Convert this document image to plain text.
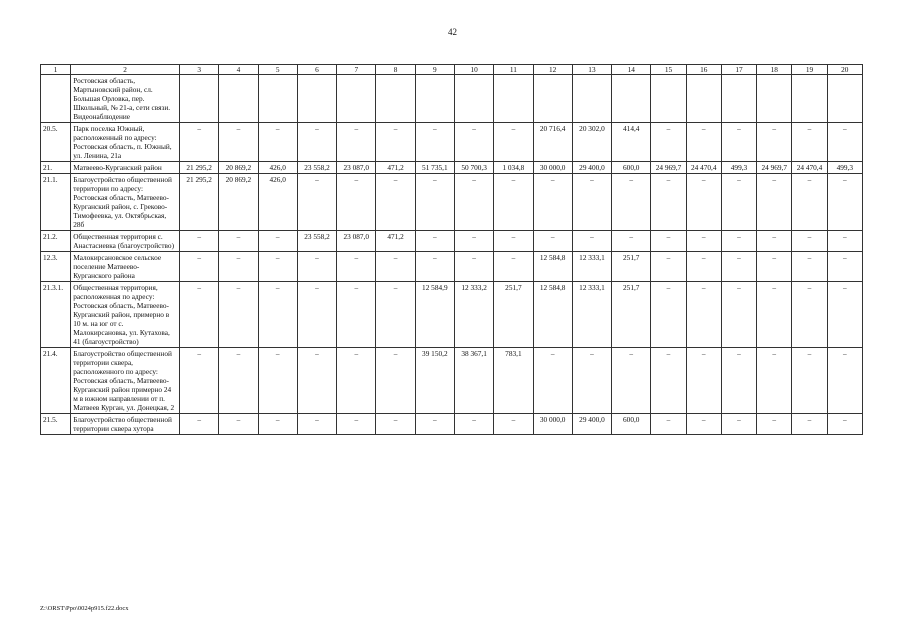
42
1	2	3	4	5	6	7	8	9	10	11	12	13	14	15	16	17	18	19	20
	Ростовская область, Мартыновский район, сл. Большая Орловка, пер. Школьный, № 21-а, сети связи. Видеонаблюдение																		
20.5.	Парк поселка Южный, расположенный по адресу: Ростовская область, п. Южный, ул. Ленина, 21а	–	–	–	–	–	–	–	–	–	20 716,4	20 302,0	414,4	–	–	–	–	–	–
21.	Матвеево-Курганский район	21 295,2	20 869,2	426,0	23 558,2	23 087,0	471,2	51 735,1	50 700,3	1 034,8	30 000,0	29 400,0	600,0	24 969,7	24 470,4	499,3	24 969,7	24 470,4	499,3
21.1.	Благоустройство общественной территории по адресу: Ростовская область, Матвеево-Курганский район, с. Греково-Тимофеевка, ул. Октябрьская, 28б	21 295,2	20 869,2	426,0	–	–	–	–	–	–	–	–	–	–	–	–	–	–	–
21.2.	Общественная территория с. Анастасиевка (благоустройство)	–	–	–	23 558,2	23 087,0	471,2	–	–	–	–	–	–	–	–	–	–	–	–
12.3.	Малокирсановское сельское поселение Матвеево-Курганского района	–	–	–	–	–	–	–	–	–	12 584,8	12 333,1	251,7	–	–	–	–	–	–
21.3.1.	Общественная территория, расположенная по адресу: Ростовская область, Матвеево-Курганский район, примерно в 10 м. на юг от с. Малокирсановка, ул. Кутахова, 41 (благоустройство)	–	–	–	–	–	–	12 584,9	12 333,2	251,7	12 584,8	12 333,1	251,7	–	–	–	–	–	–
21.4.	Благоустройство общественной территории сквера, расположенного по адресу: Ростовская область, Матвеево-Курганский район примерно 24 м в южном направлении от п. Матвеев Курган, ул. Донецкая, 2	–	–	–	–	–	–	39 150,2	38 367,1	783,1	–	–	–	–	–	–	–	–	–
21.5.	Благоустройство общественной территории сквера хутора	–	–	–	–	–	–	–	–	–	30 000,0	29 400,0	600,0	–	–	–	–	–	–
Z:\ORST\Ppo\0024p915.f22.docx
